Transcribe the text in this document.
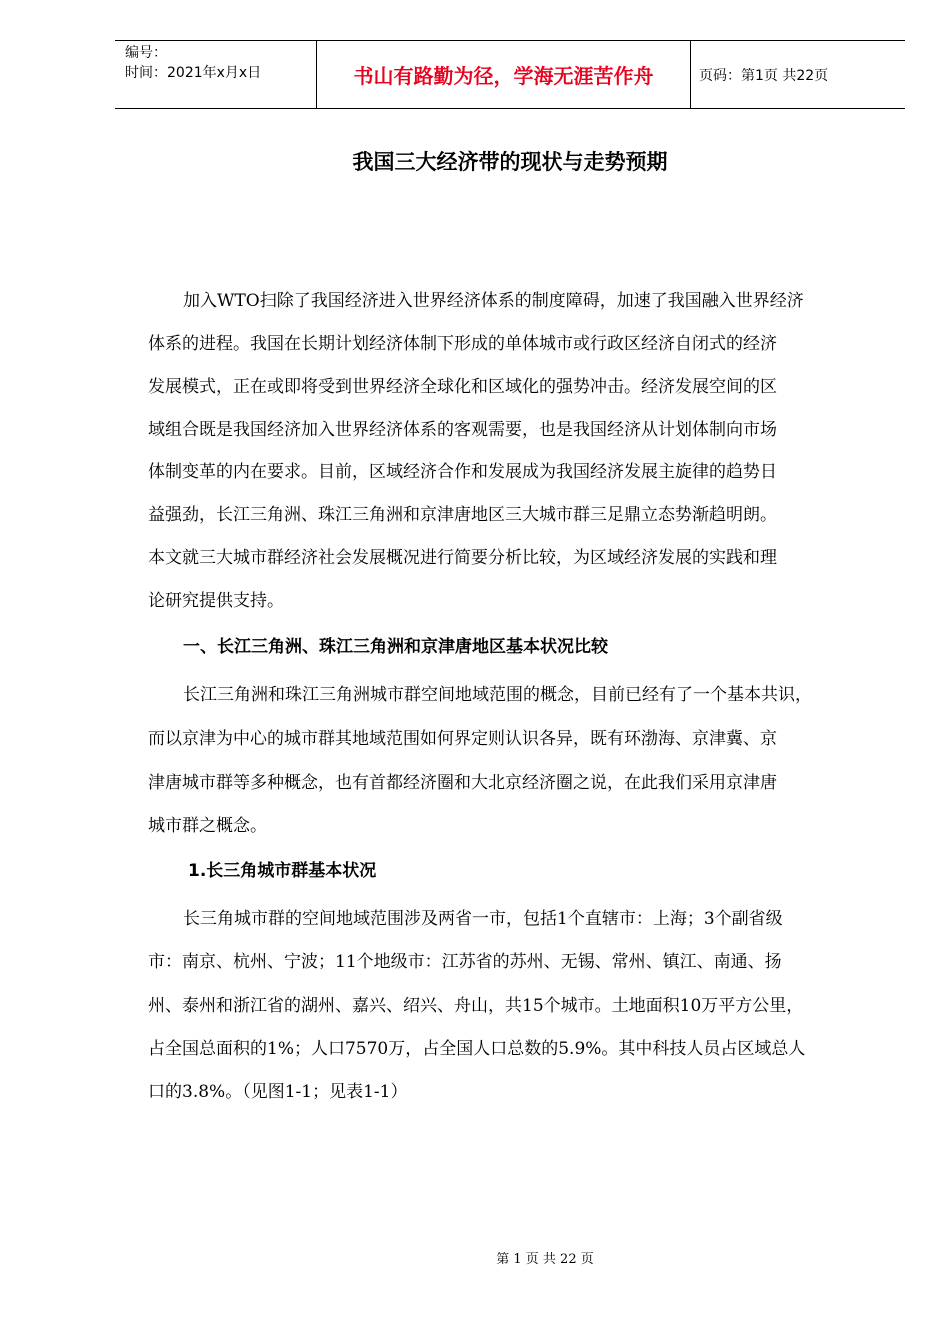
编号：
时间：2021年x月x日	书山有路勤为径，学海无涯苦作舟	页码：第1页 共22页
我国三大经济带的现状与走势预期
加入WTO扫除了我国经济进入世界经济体系的制度障碍，加速了我国融入世界经济
体系的进程。我国在长期计划经济体制下形成的单体城市或行政区经济自闭式的经济
发展模式，正在或即将受到世界经济全球化和区域化的强势冲击。经济发展空间的区
域组合既是我国经济加入世界经济体系的客观需要，也是我国经济从计划体制向市场
体制变革的内在要求。目前，区域经济合作和发展成为我国经济发展主旋律的趋势日
益强劲，长江三角洲、珠江三角洲和京津唐地区三大城市群三足鼎立态势渐趋明朗。
本文就三大城市群经济社会发展概况进行简要分析比较，为区域经济发展的实践和理
论研究提供支持。
一、长江三角洲、珠江三角洲和京津唐地区基本状况比较
长江三角洲和珠江三角洲城市群空间地域范围的概念，目前已经有了一个基本共识，
而以京津为中心的城市群其地域范围如何界定则认识各异，既有环渤海、京津冀、京
津唐城市群等多种概念，也有首都经济圈和大北京经济圈之说，在此我们采用京津唐
城市群之概念。
1.长三角城市群基本状况
长三角城市群的空间地域范围涉及两省一市，包括1个直辖市：上海；3个副省级
市：南京、杭州、宁波；11个地级市：江苏省的苏州、无锡、常州、镇江、南通、扬
州、泰州和浙江省的湖州、嘉兴、绍兴、舟山，共15个城市。土地面积10万平方公里，
占全国总面积的1%；人口7570万，占全国人口总数的5.9%。其中科技人员占区域总人
口的3.8%。（见图1-1；见表1-1）
第 1 页 共 22 页
